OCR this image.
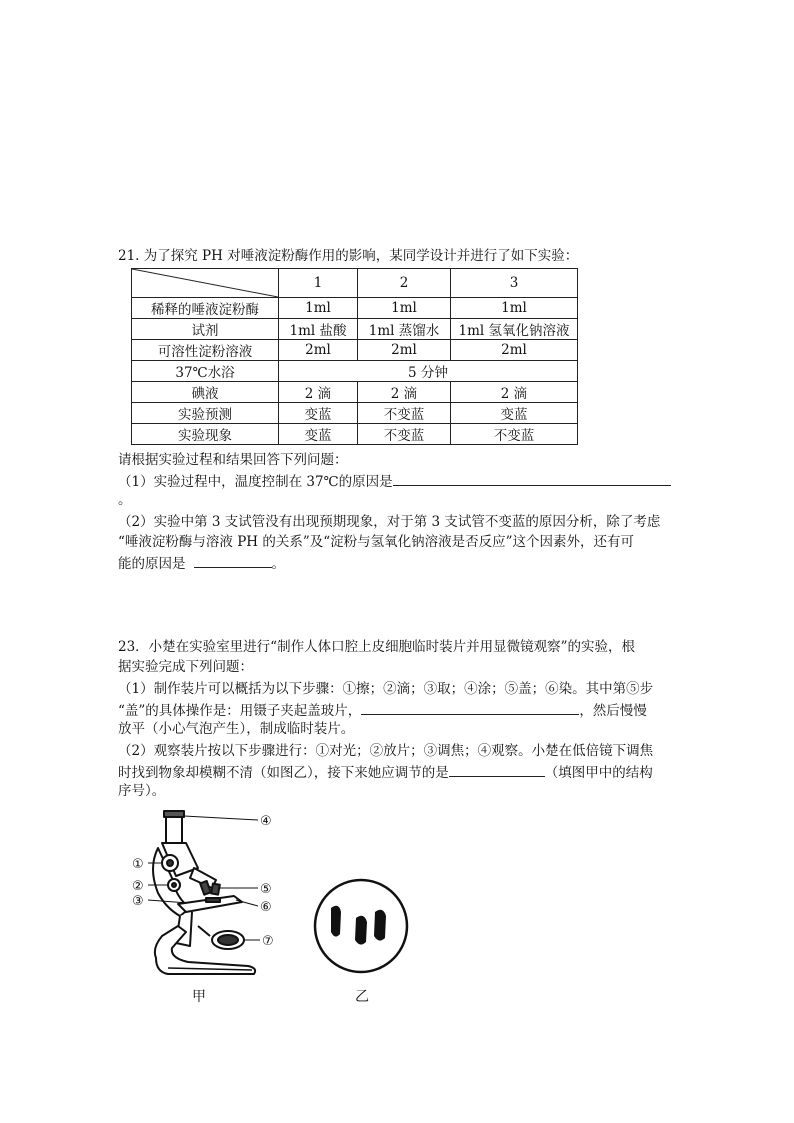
21. 为了探究 PH 对唾液淀粉酶作用的影响，某同学设计并进行了如下实验：
	1	2	3
稀释的唾液淀粉酶	1ml	1ml	1ml
试剂	1ml 盐酸	1ml 蒸馏水	1ml 氢氧化钠溶液
可溶性淀粉溶液	2ml	2ml	2ml
37℃水浴	5 分钟		
碘液	2 滴	2 滴	2 滴
实验预测	变蓝	不变蓝	变蓝
实验现象	变蓝	不变蓝	不变蓝
请根据实验过程和结果回答下列问题：
（1）实验过程中，温度控制在 37℃的原因是
。
（2）实验中第 3 支试管没有出现预期现象，对于第 3 支试管不变蓝的原因分析，除了考虑
“唾液淀粉酶与溶液 PH 的关系”及“淀粉与氢氧化钠溶液是否反应”这个因素外，还有可
能的原因是	。
23．小楚在实验室里进行“制作人体口腔上皮细胞临时装片并用显微镜观察”的实验，根
据实验完成下列问题：
（1）制作装片可以概括为以下步骤：①擦；②滴；③取；④涂；⑤盖；⑥染。其中第⑤步
“盖”的具体操作是：用镊子夹起盖玻片，	，然后慢慢
放平（小心气泡产生），制成临时装片。
（2）观察装片按以下步骤进行：①对光；②放片；③调焦；④观察。小楚在低倍镜下调焦
时找到物象却模糊不清（如图乙），接下来她应调节的是	（填图甲中的结构
序号）。
④
①
②
③
⑤
⑥
⑦
甲	乙
